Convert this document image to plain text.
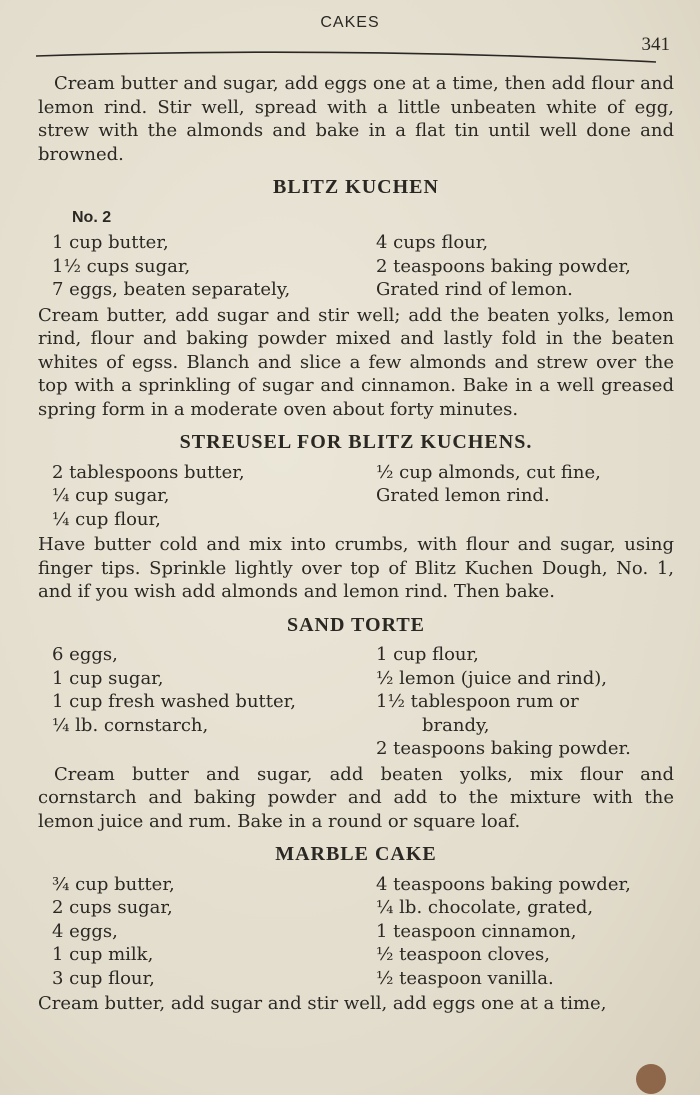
CAKES
341

Cream butter and sugar, add eggs one at a time, then add flour and lemon rind. Stir well, spread with a little unbeaten white of egg, strew with the almonds and bake in a flat tin until well done and browned.

BLITZ KUCHEN
No. 2
1 cup butter,
1½ cups sugar,
7 eggs, beaten separately,
4 cups flour,
2 teaspoons baking powder,
Grated rind of lemon.

Cream butter, add sugar and stir well; add the beaten yolks, lemon rind, flour and baking powder mixed and lastly fold in the beaten whites of egss. Blanch and slice a few almonds and strew over the top with a sprinkling of sugar and cinnamon. Bake in a well greased spring form in a moderate oven about forty minutes.

STREUSEL FOR BLITZ KUCHENS.
2 tablespoons butter,
¼ cup sugar,
¼ cup flour,
½ cup almonds, cut fine,
Grated lemon rind.

Have butter cold and mix into crumbs, with flour and sugar, using finger tips. Sprinkle lightly over top of Blitz Kuchen Dough, No. 1, and if you wish add almonds and lemon rind. Then bake.

SAND TORTE
6 eggs,
1 cup sugar,
1 cup fresh washed butter,
¼ lb. cornstarch,
1 cup flour,
½ lemon (juice and rind),
1½ tablespoon rum or
brandy,
2 teaspoons baking powder.

Cream butter and sugar, add beaten yolks, mix flour and cornstarch and baking powder and add to the mixture with the lemon juice and rum. Bake in a round or square loaf.

MARBLE CAKE
¾ cup butter,
2 cups sugar,
4 eggs,
1 cup milk,
3 cup flour,
4 teaspoons baking powder,
¼ lb. chocolate, grated,
1 teaspoon cinnamon,
½ teaspoon cloves,
½ teaspoon vanilla.

Cream butter, add sugar and stir well, add eggs one at a time,
